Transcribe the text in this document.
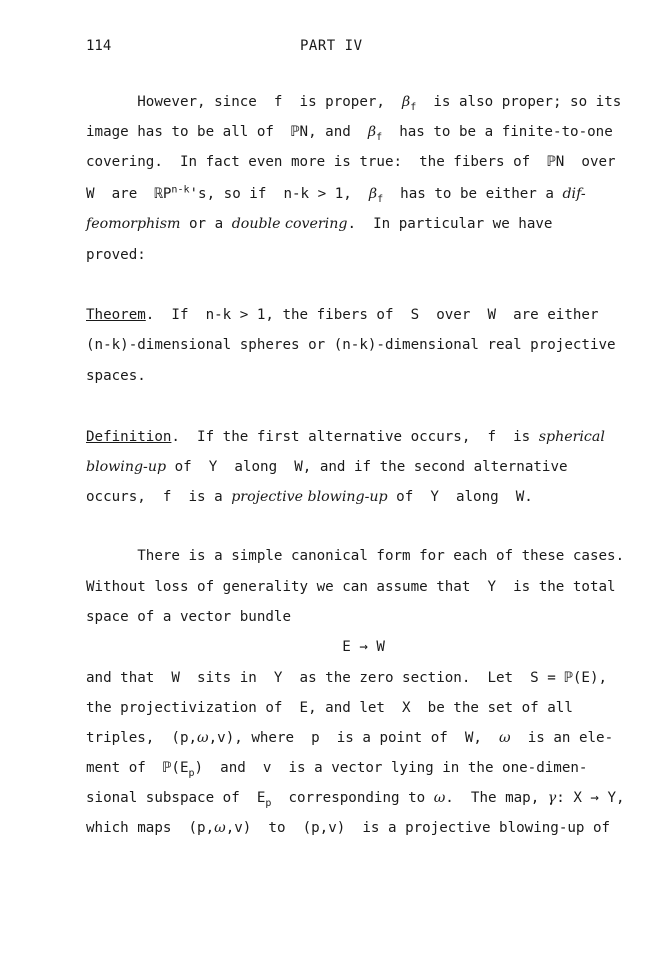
114	PART IV
However, since  f  is proper,  $\beta_f$  is also proper; so its
image has to be all of  ℙN, and  $\beta_f$  has to be a finite-to-one
covering.  In fact even more is true:  the fibers of  ℙN  over
W  are  ℝP$^{n-k}$'s, so if  n-k > 1,  $\beta_f$  has to be either a dif-
feomorphism or a double covering.  In particular we have
proved:
Theorem.  If  n-k > 1, the fibers of  S  over  W  are either
(n-k)-dimensional spheres or (n-k)-dimensional real projective
spaces.
Definition.  If the first alternative occurs,  f  is spherical
blowing-up of  Y  along  W, and if the second alternative
occurs,  f  is a projective blowing-up of  Y  along  W.
There is a simple canonical form for each of these cases.
Without loss of generality we can assume that  Y  is the total
space of a vector bundle
E → W
and that  W  sits in  Y  as the zero section.  Let  S = ℙ(E),
the projectivization of  E, and let  X  be the set of all
triples,  (p,ω,v), where  p  is a point of  W,  ω  is an ele-
ment of  $ℙ(E_p)$  and  v  is a vector lying in the one-dimen-
sional subspace of  $E_p$  corresponding to ω.  The map, γ: X → Y,
which maps  (p,ω,v)  to  (p,v)  is a projective blowing-up of
